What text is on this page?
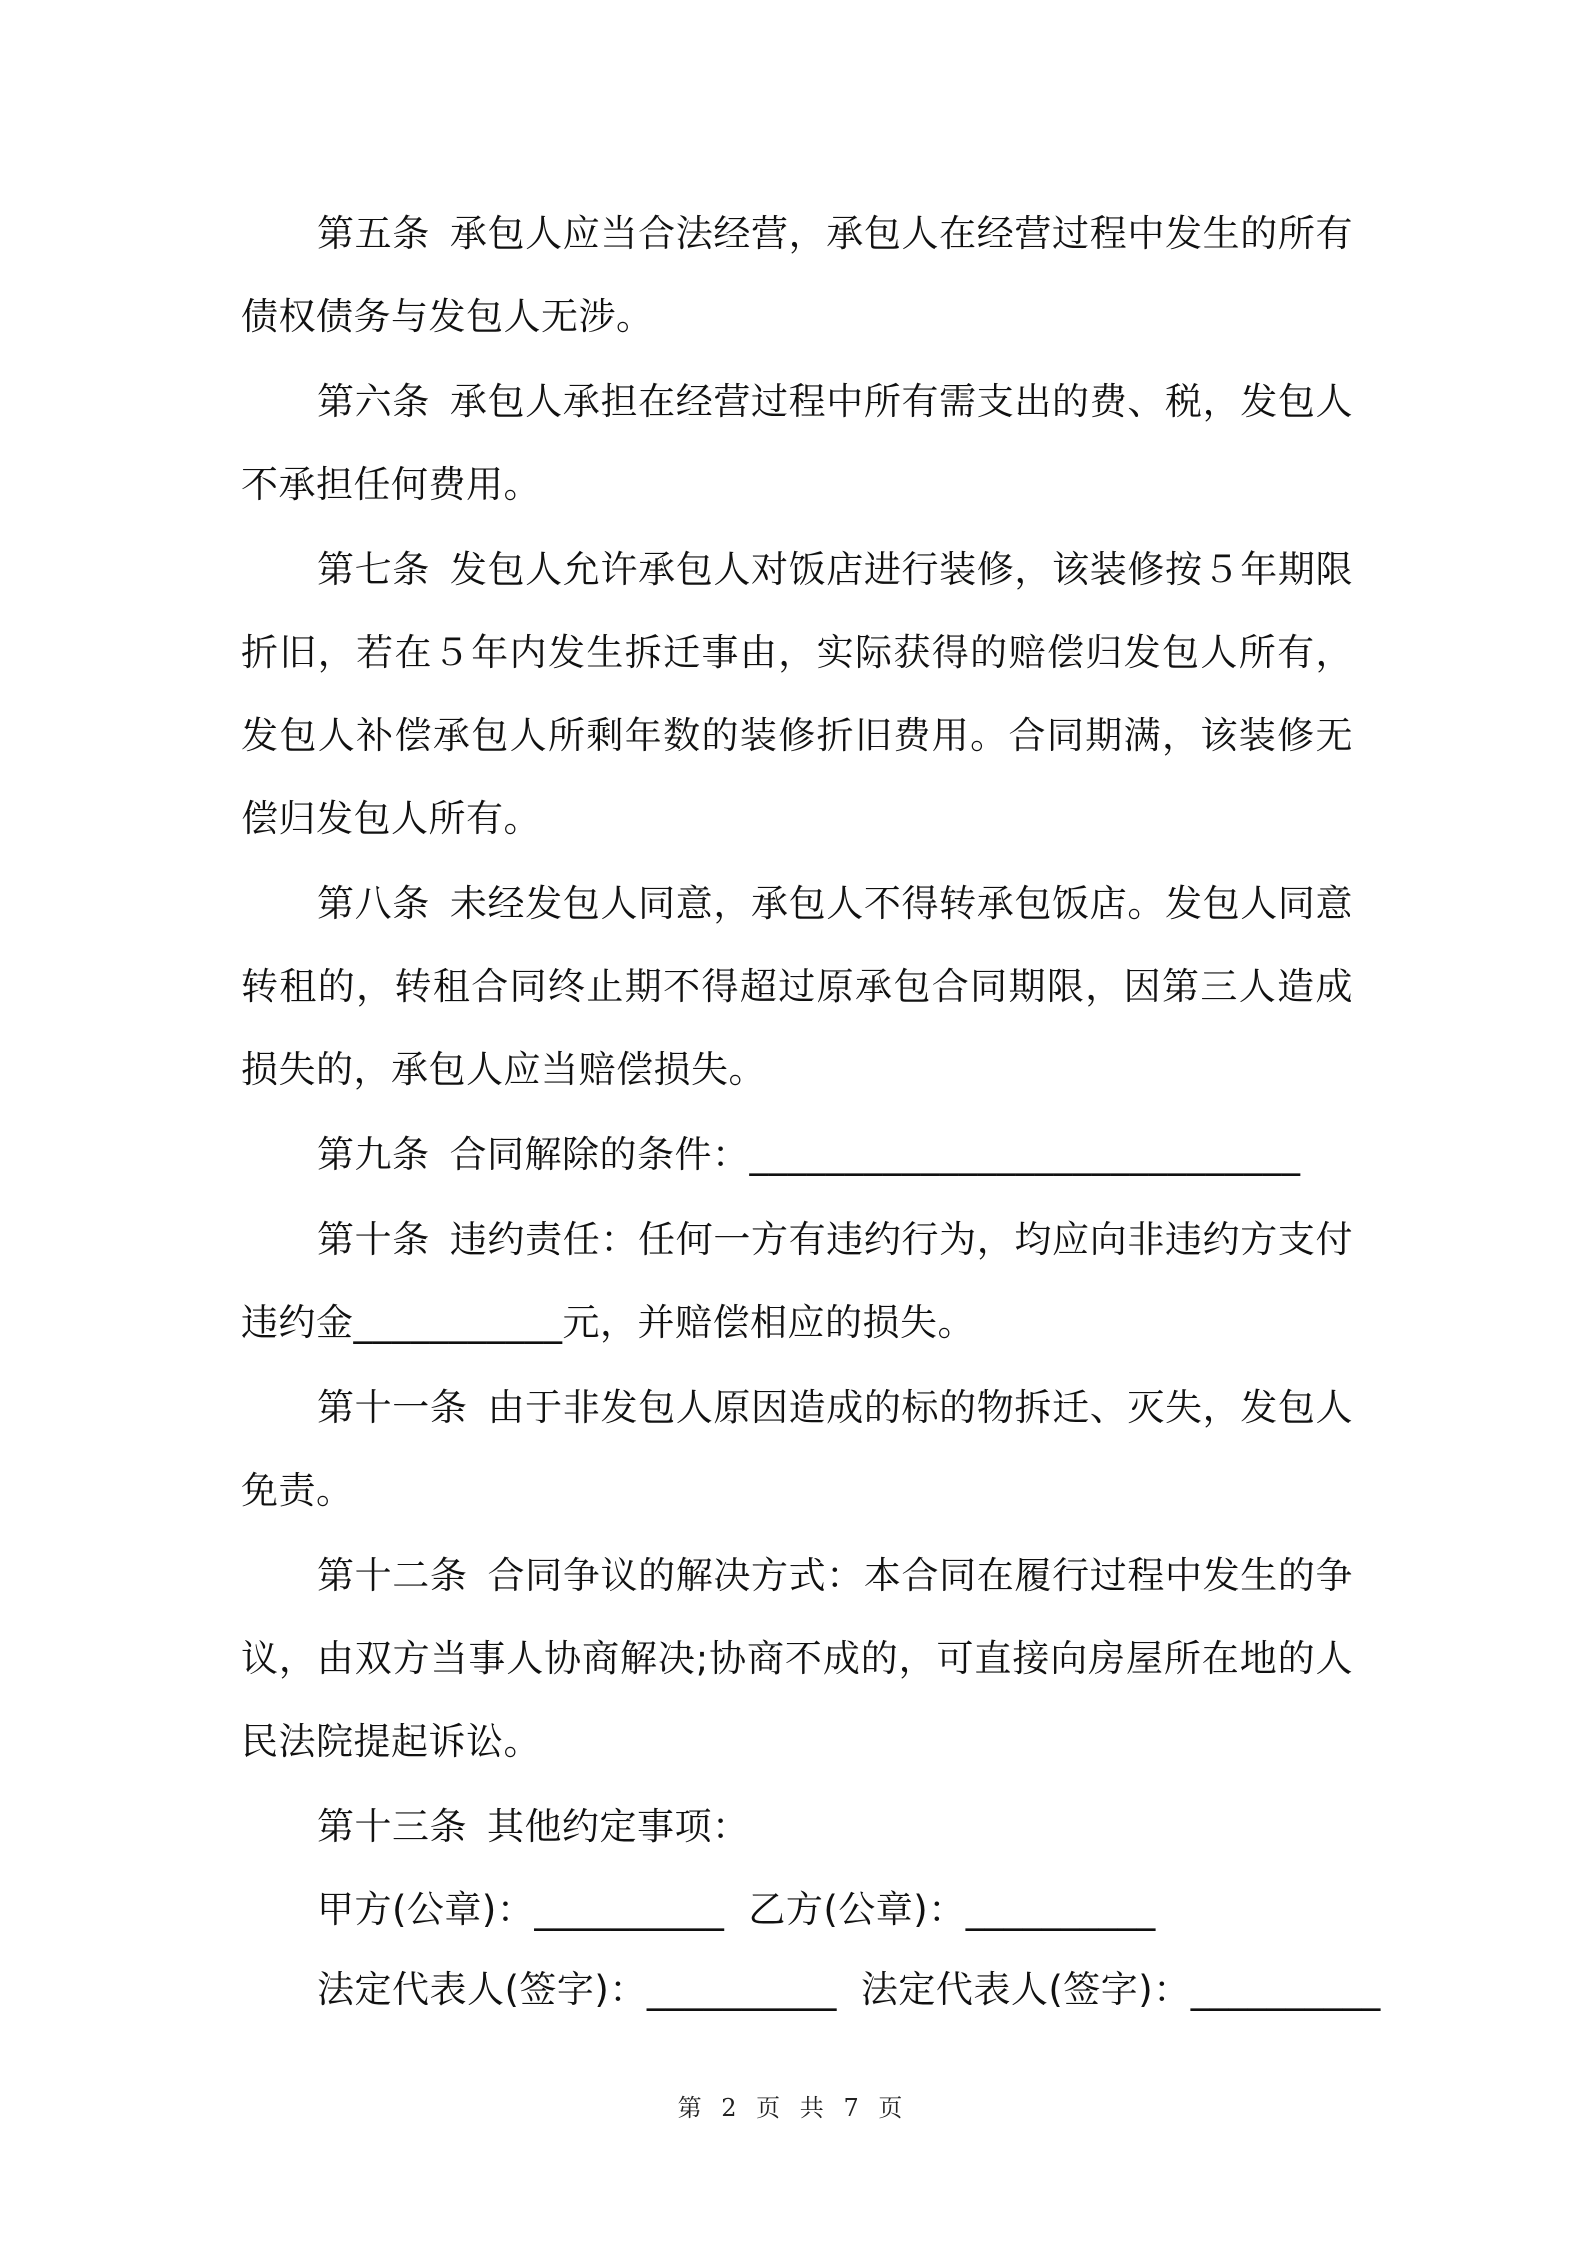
第五条 承包人应当合法经营，承包人在经营过程中发生的所有债权债务与发包人无涉。

第六条 承包人承担在经营过程中所有需支出的费、税，发包人不承担任何费用。

第七条 发包人允许承包人对饭店进行装修，该装修按５年期限折旧，若在５年内发生拆迁事由，实际获得的赔偿归发包人所有，发包人补偿承包人所剩年数的装修折旧费用。合同期满，该装修无偿归发包人所有。

第八条 未经发包人同意，承包人不得转承包饭店。发包人同意转租的，转租合同终止期不得超过原承包合同期限，因第三人造成损失的，承包人应当赔偿损失。

第九条 合同解除的条件：_____________________________

第十条 违约责任：任何一方有违约行为，均应向非违约方支付违约金___________元，并赔偿相应的损失。

第十一条 由于非发包人原因造成的标的物拆迁、灭失，发包人免责。

第十二条 合同争议的解决方式：本合同在履行过程中发生的争议，由双方当事人协商解决;协商不成的，可直接向房屋所在地的人民法院提起诉讼。

第十三条 其他约定事项：

甲方(公章)：__________ 乙方(公章)：__________

法定代表人(签字)：__________ 法定代表人(签字)：__________

第 2 页 共 7 页
